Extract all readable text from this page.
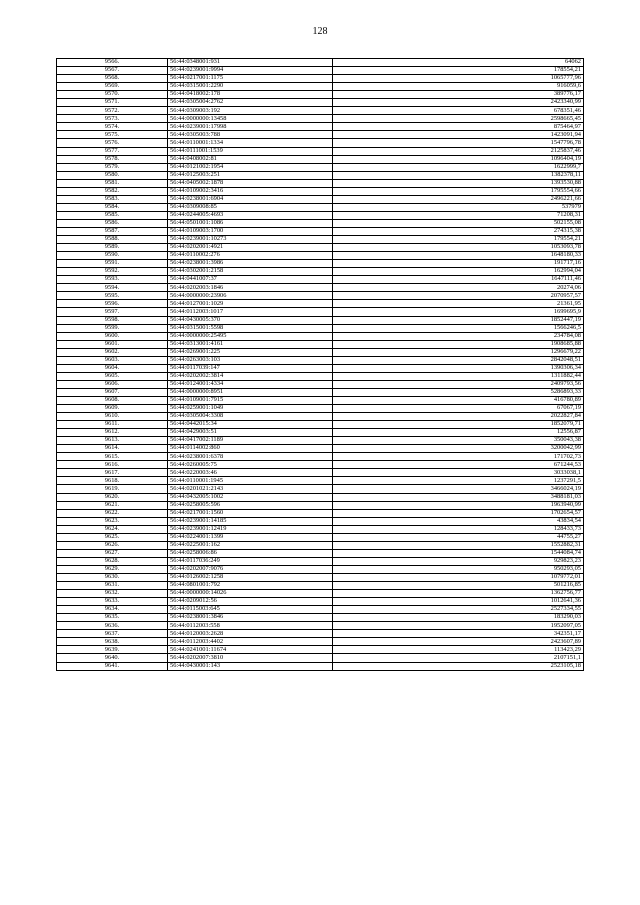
128
9566.	56:44:0348001:931	64062
9567.	56:44:0239001:9994	178554,21
9568.	56:44:0217001:1175	1065777,96
9569.	56:44:0315001:2290	916059,6
9570.	56:44:0418002:178	389776,17
9571.	56:44:0305004:2762	2423340,99
9572.	56:44:0309003:192	678351,46
9573.	56:44:0000000:13458	2598665,45
9574.	56:44:0239001:17998	875464,97
9575.	56:44:0305003:788	1423091,94
9576.	56:44:0110001:1334	1547796,78
9577.	56:44:0111001:1539	2125837,46
9578.	56:44:0408002:81	1096404,19
9579.	56:44:0121002:1954	1622999,7
9580.	56:44:0125003:251	1382378,11
9581.	56:44:0405002:1878	1393530,88
9582.	56:44:0109002:3416	1795554,66
9583.	56:44:0238001:6904	2496221,66
9584.	56:44:0309008:85	537979
9585.	56:44:0244005:4693	71208,31
9586.	56:44:0501001:1086	502155,08
9587.	56:44:0109003:1700	274315,38
9588.	56:44:0239001:10273	179554,21
9589.	56:44:0202001:4921	1053093,78
9590.	56:44:0110002:276	1648180,33
9591.	56:44:0238001:3986	191717,16
9592.	56:44:0302001:2158	162994,04
9593.	56:44:0441007:37	1647111,46
9594.	56:44:0202003:1846	20274,06
9595.	56:44:0000000:23906	2070957,57
9596.	56:44:0127001:1029	21361,95
9597.	56:44:0112003:1017	1699695,9
9598.	56:44:0430005:370	1852447,19
9599.	56:44:0315001:5598	1566246,5
9600.	56:44:0000000:25495	234784,08
9601.	56:44:0313001:4161	1908685,88
9602.	56:44:0269001:225	1296679,22
9603.	56:44:0263003:103	2842048,51
9604.	56:44:0117039:147	1390306,34
9605.	56:44:0202002:3814	1311882,44
9606.	56:44:0124001:4334	2409793,56
9607.	56:44:0000000:8951	5286893,33
9608.	56:44:0109001:7915	416780,89
9609.	56:44:0259001:1049	67067,19
9610.	56:44:0305004:3308	2022827,84
9611.	56:44:0442015:34	1852079,71
9612.	56:44:0429003:51	12556,87
9613.	56:44:0417002:1189	350043,38
9614.	56:44:0114002:860	3200042,99
9615.	56:44:0238001:6378	171702,73
9616.	56:44:0260005:75	671244,53
9617.	56:44:0220003:46	3033038,1
9618.	56:44:0110001:1945	1237291,5
9619.	56:44:0201021:2143	3466024,19
9620.	56:44:0432005:1002	3488181,03
9621.	56:44:0258005:596	1963940,99
9622.	56:44:0217001:1560	1702654,57
9623.	56:44:0239001:14185	43834,54
9624.	56:44:0239001:12419	128433,73
9625.	56:44:0224001:1399	44755,27
9626.	56:44:0225001:162	1552882,31
9627.	56:44:0258006:86	1544084,74
9628.	56:44:0117036:249	929823,23
9629.	56:44:0202007:9076	950293,05
9630.	56:44:0126002:1258	1079772,01
9631.	56:44:0801001:792	501216,85
9632.	56:44:0000000:14026	1362756,77
9633.	56:44:0209012:56	1012641,36
9634.	56:44:0115003:645	2527334,55
9635.	56:44:0238001:3846	183290,03
9636.	56:44:0112003:558	1952097,05
9637.	56:44:0120003:2628	342351,17
9638.	56:44:0112003:4402	2423607,89
9639.	56:44:0241001:11674	113423,29
9640.	56:44:0202007:3810	2107151,1
9641.	56:44:0430001:143	2523105,18
